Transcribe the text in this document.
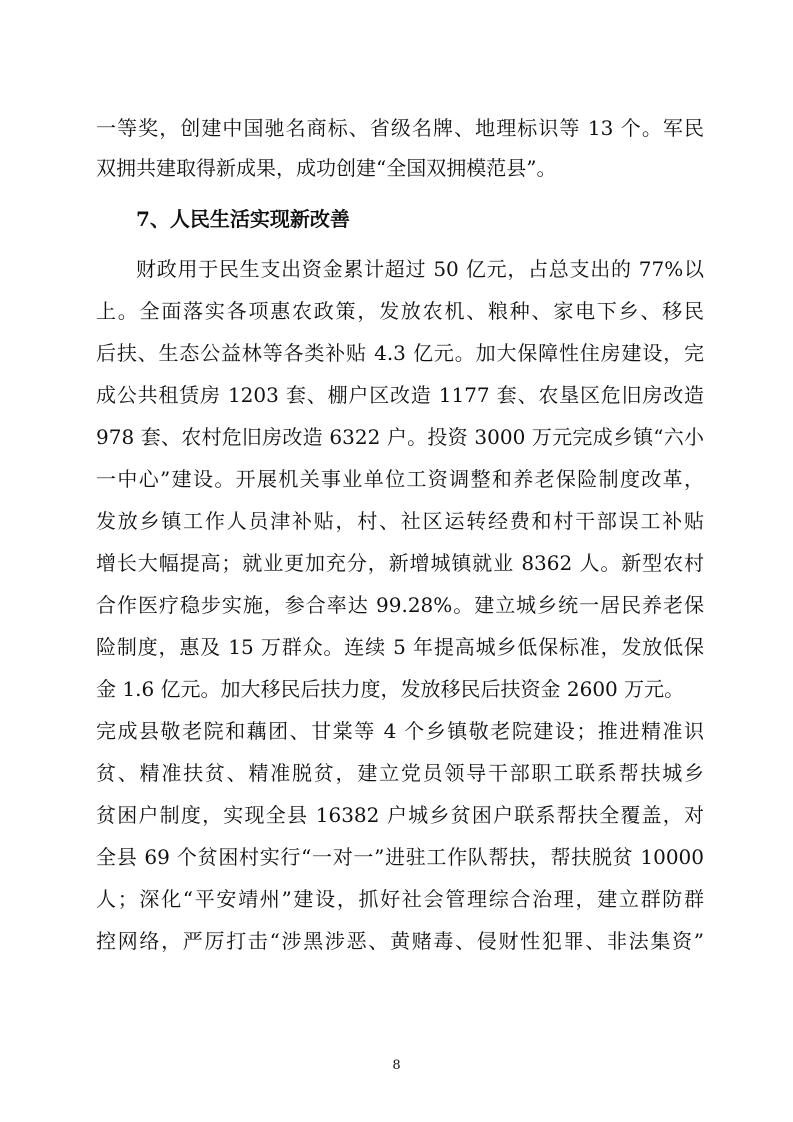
一等奖，创建中国驰名商标、省级名牌、地理标识等 13 个。军民
双拥共建取得新成果，成功创建“全国双拥模范县”。
7、人民生活实现新改善
财政用于民生支出资金累计超过 50 亿元，占总支出的 77%以
上。全面落实各项惠农政策，发放农机、粮种、家电下乡、移民
后扶、生态公益林等各类补贴 4.3 亿元。加大保障性住房建设，完
成公共租赁房 1203 套、棚户区改造 1177 套、农垦区危旧房改造
978 套、农村危旧房改造 6322 户。投资 3000 万元完成乡镇“六小
一中心”建设。开展机关事业单位工资调整和养老保险制度改革，
发放乡镇工作人员津补贴，村、社区运转经费和村干部误工补贴
增长大幅提高；就业更加充分，新增城镇就业 8362 人。新型农村
合作医疗稳步实施，参合率达 99.28%。建立城乡统一居民养老保
险制度，惠及 15 万群众。连续 5 年提高城乡低保标准，发放低保
金 1.6 亿元。加大移民后扶力度，发放移民后扶资金 2600 万元。
完成县敬老院和藕团、甘棠等 4 个乡镇敬老院建设；推进精准识
贫、精准扶贫、精准脱贫，建立党员领导干部职工联系帮扶城乡
贫困户制度，实现全县 16382 户城乡贫困户联系帮扶全覆盖，对
全县 69 个贫困村实行“一对一”进驻工作队帮扶，帮扶脱贫 10000
人；深化“平安靖州”建设，抓好社会管理综合治理，建立群防群
控网络，严厉打击“涉黑涉恶、黄赌毒、侵财性犯罪、非法集资”
8
